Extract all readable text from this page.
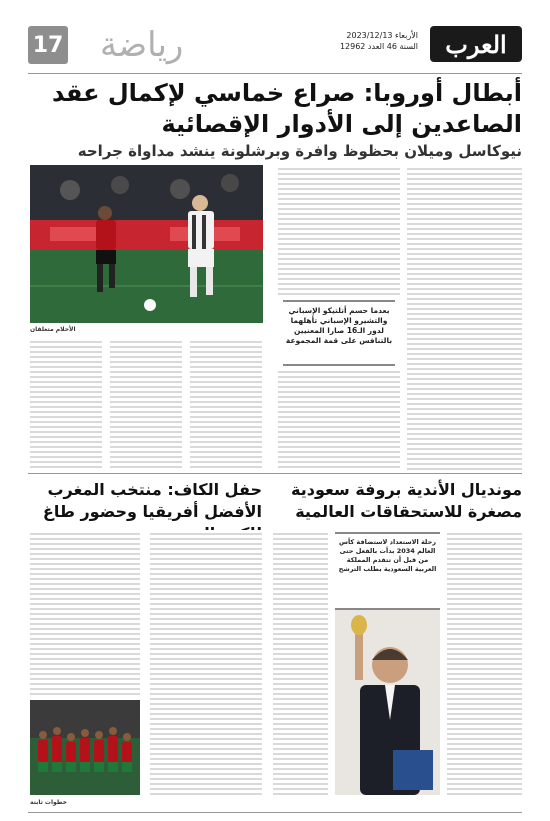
العرب
الأربعاء 2023/12/13
السنة 46 العدد 12962
رياضة
17
أبطال أوروبا: صراع خماسي لإكمال عقد الصاعدين إلى الأدوار الإقصائية
نيوكاسل وميلان بحظوظ وافرة وبرشلونة ينشد مداواة جراحه
الأحلام متعلقان
بعدما حسم أتلتيكو الإسباني والتشيرو الإسباني تأهلهما لدور الـ16 صارا المعنيين بالتنافس على قمة المجموعة
مونديال الأندية بروفة سعودية مصغرة للاستحقاقات العالمية
رحلة الاستعداد لاستضافة كأس العالم 2034 بدأت بالفعل حتى من قبل أن تتقدم المملكة العربية السعودية بطلب الترشح
حفل الكاف: منتخب المغرب الأفضل أفريقيا وحضور طاغ
خطوات ثابتة
